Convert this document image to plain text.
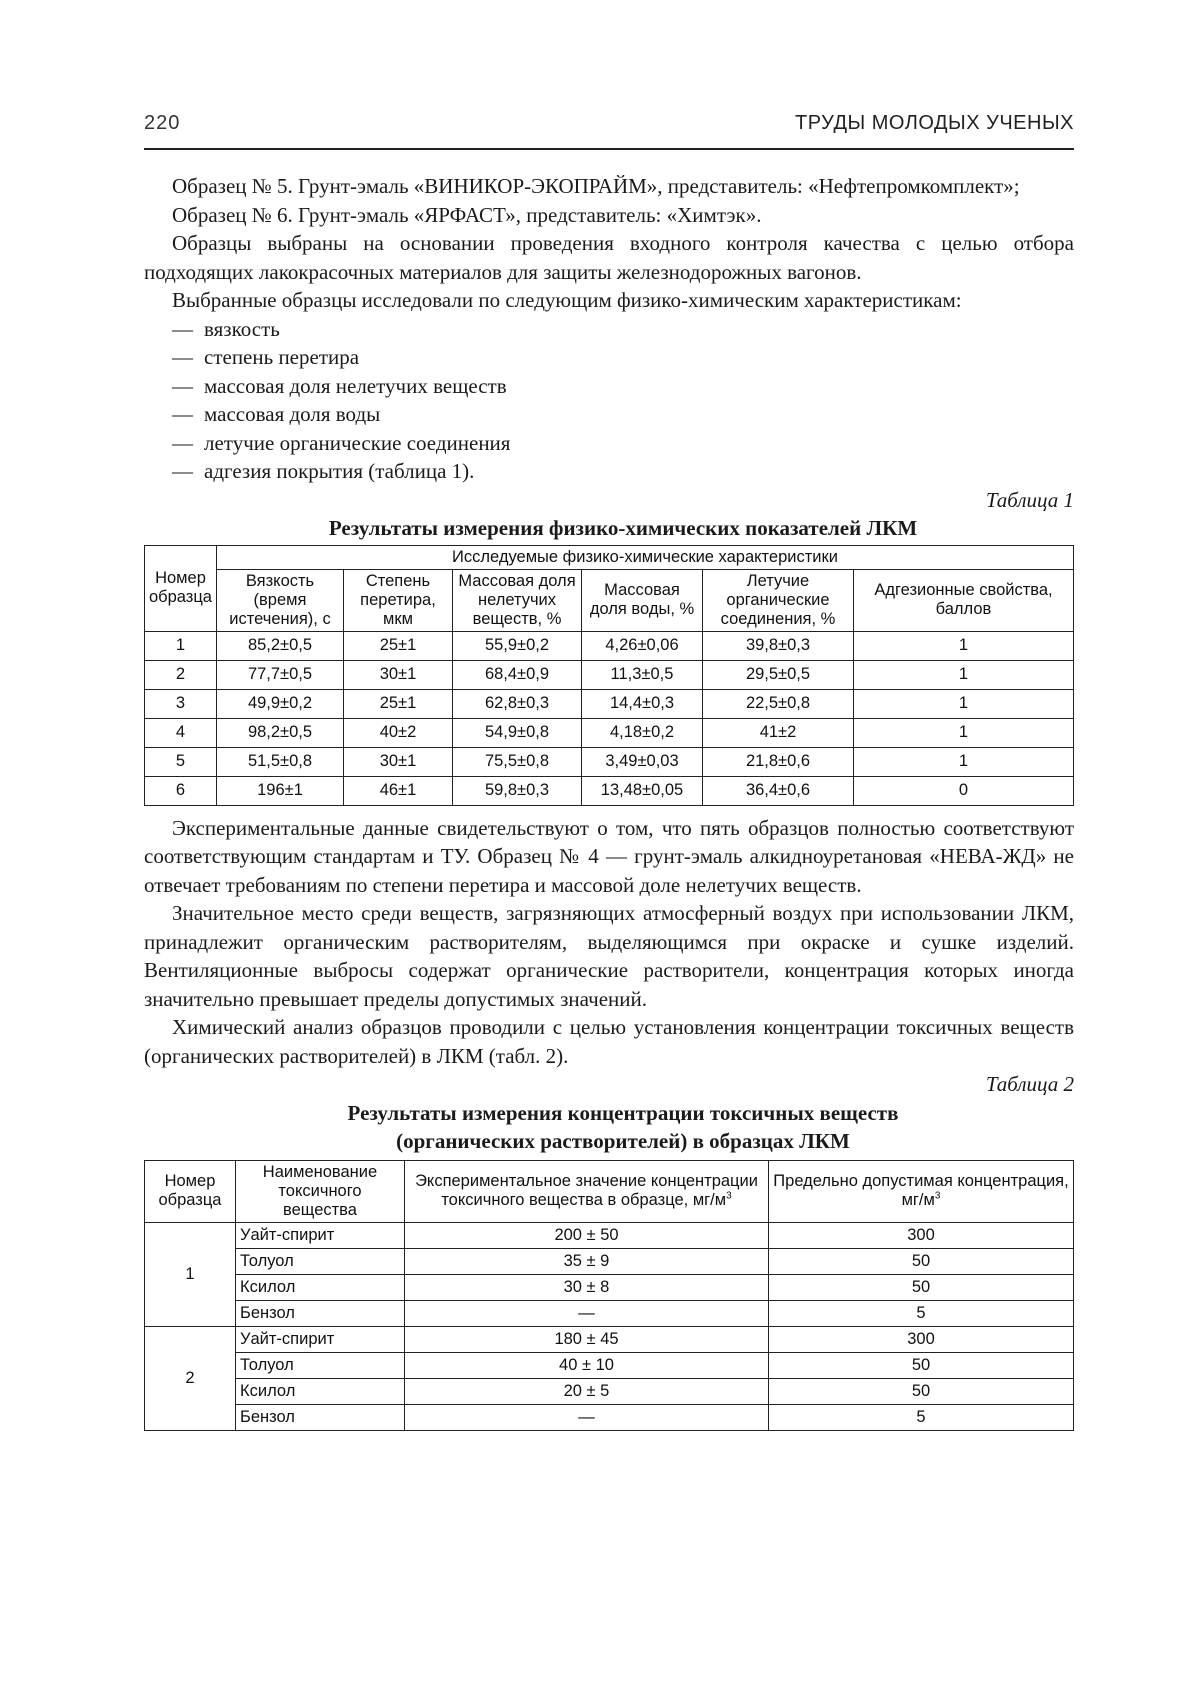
220	ТРУДЫ МОЛОДЫХ УЧЕНЫХ

Образец № 5. Грунт-эмаль «ВИНИКОР-ЭКОПРАЙМ», представитель: «Нефтепромкомплект»;

Образец № 6. Грунт-эмаль «ЯРФАСТ», представитель: «Химтэк».

Образцы выбраны на основании проведения входного контроля качества с целью отбора подходящих лакокрасочных материалов для защиты железнодорожных вагонов.

Выбранные образцы исследовали по следующим физико-химическим характеристикам:

— вязкость
— степень перетира
— массовая доля нелетучих веществ
— массовая доля воды
— летучие органические соединения
— адгезия покрытия (таблица 1).

Таблица 1

Результаты измерения физико-химических показателей ЛКМ

Номер образца	Исследуемые физико-химические характеристики					
	Вязкость (время истечения), с	Степень перетира, мкм	Массовая доля нелетучих веществ, %	Массовая доля воды, %	Летучие органические соединения, %	Адгезионные свойства, баллов
1	85,2±0,5	25±1	55,9±0,2	4,26±0,06	39,8±0,3	1
2	77,7±0,5	30±1	68,4±0,9	11,3±0,5	29,5±0,5	1
3	49,9±0,2	25±1	62,8±0,3	14,4±0,3	22,5±0,8	1
4	98,2±0,5	40±2	54,9±0,8	4,18±0,2	41±2	1
5	51,5±0,8	30±1	75,5±0,8	3,49±0,03	21,8±0,6	1
6	196±1	46±1	59,8±0,3	13,48±0,05	36,4±0,6	0

Экспериментальные данные свидетельствуют о том, что пять образцов полностью соответствуют соответствующим стандартам и ТУ. Образец № 4 — грунт-эмаль алкидноуретановая «НЕВА-ЖД» не отвечает требованиям по степени перетира и массовой доле нелетучих веществ.

Значительное место среди веществ, загрязняющих атмосферный воздух при использовании ЛКМ, принадлежит органическим растворителям, выделяющимся при окраске и сушке изделий. Вентиляционные выбросы содержат органические растворители, концентрация которых иногда значительно превышает пределы допустимых значений.

Химический анализ образцов проводили с целью установления концентрации токсичных веществ (органических растворителей) в ЛКМ (табл. 2).

Таблица 2

Результаты измерения концентрации токсичных веществ

(органических растворителей) в образцах ЛКМ

Номер образца	Наименование токсичного вещества	Экспериментальное значение концентрации токсичного вещества в образце, $мг/м^3$	Предельно допустимая концентрация, $мг/м^3$
1	Уайт-спирит	200 ± 50	300
	Толуол	35 ± 9	50
	Ксилол	30 ± 8	50
	Бензол	—	5
2	Уайт-спирит	180 ± 45	300
	Толуол	40 ± 10	50
	Ксилол	20 ± 5	50
	Бензол	—	5
